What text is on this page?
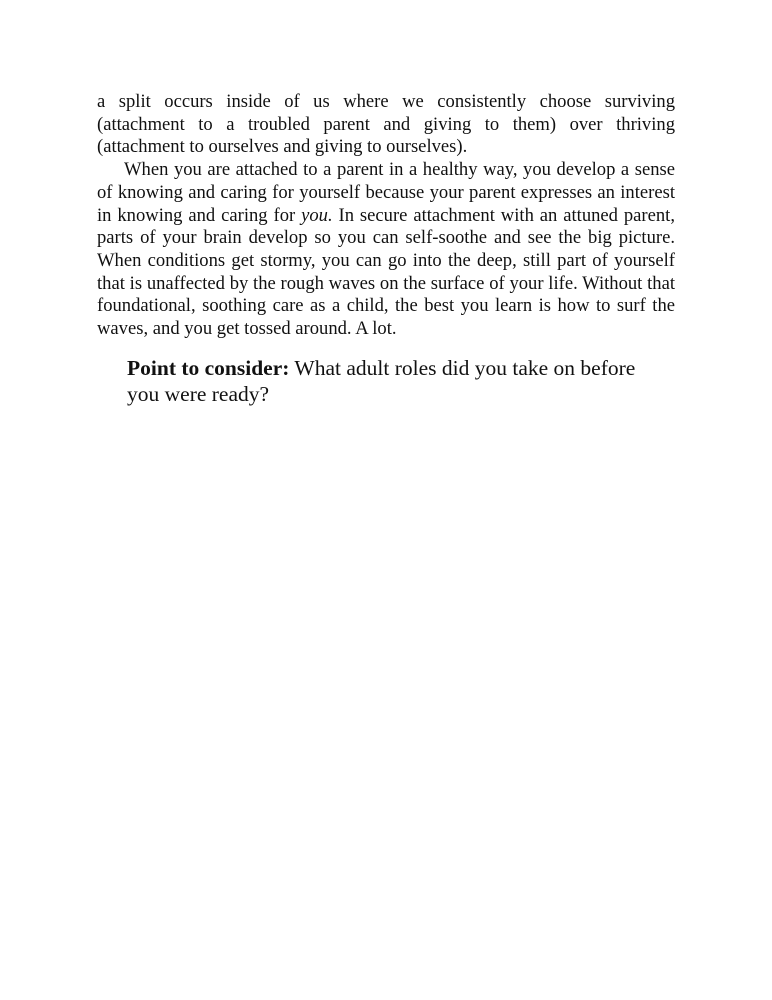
a split occurs inside of us where we consistently choose surviving (attachment to a troubled parent and giving to them) over thriving (attachment to ourselves and giving to ourselves).

When you are attached to a parent in a healthy way, you develop a sense of knowing and caring for yourself because your parent expresses an interest in knowing and caring for you. In secure attachment with an attuned parent, parts of your brain develop so you can self-soothe and see the big picture. When conditions get stormy, you can go into the deep, still part of yourself that is unaffected by the rough waves on the surface of your life. Without that foundational, soothing care as a child, the best you learn is how to surf the waves, and you get tossed around. A lot.

Point to consider: What adult roles did you take on before you were ready?
